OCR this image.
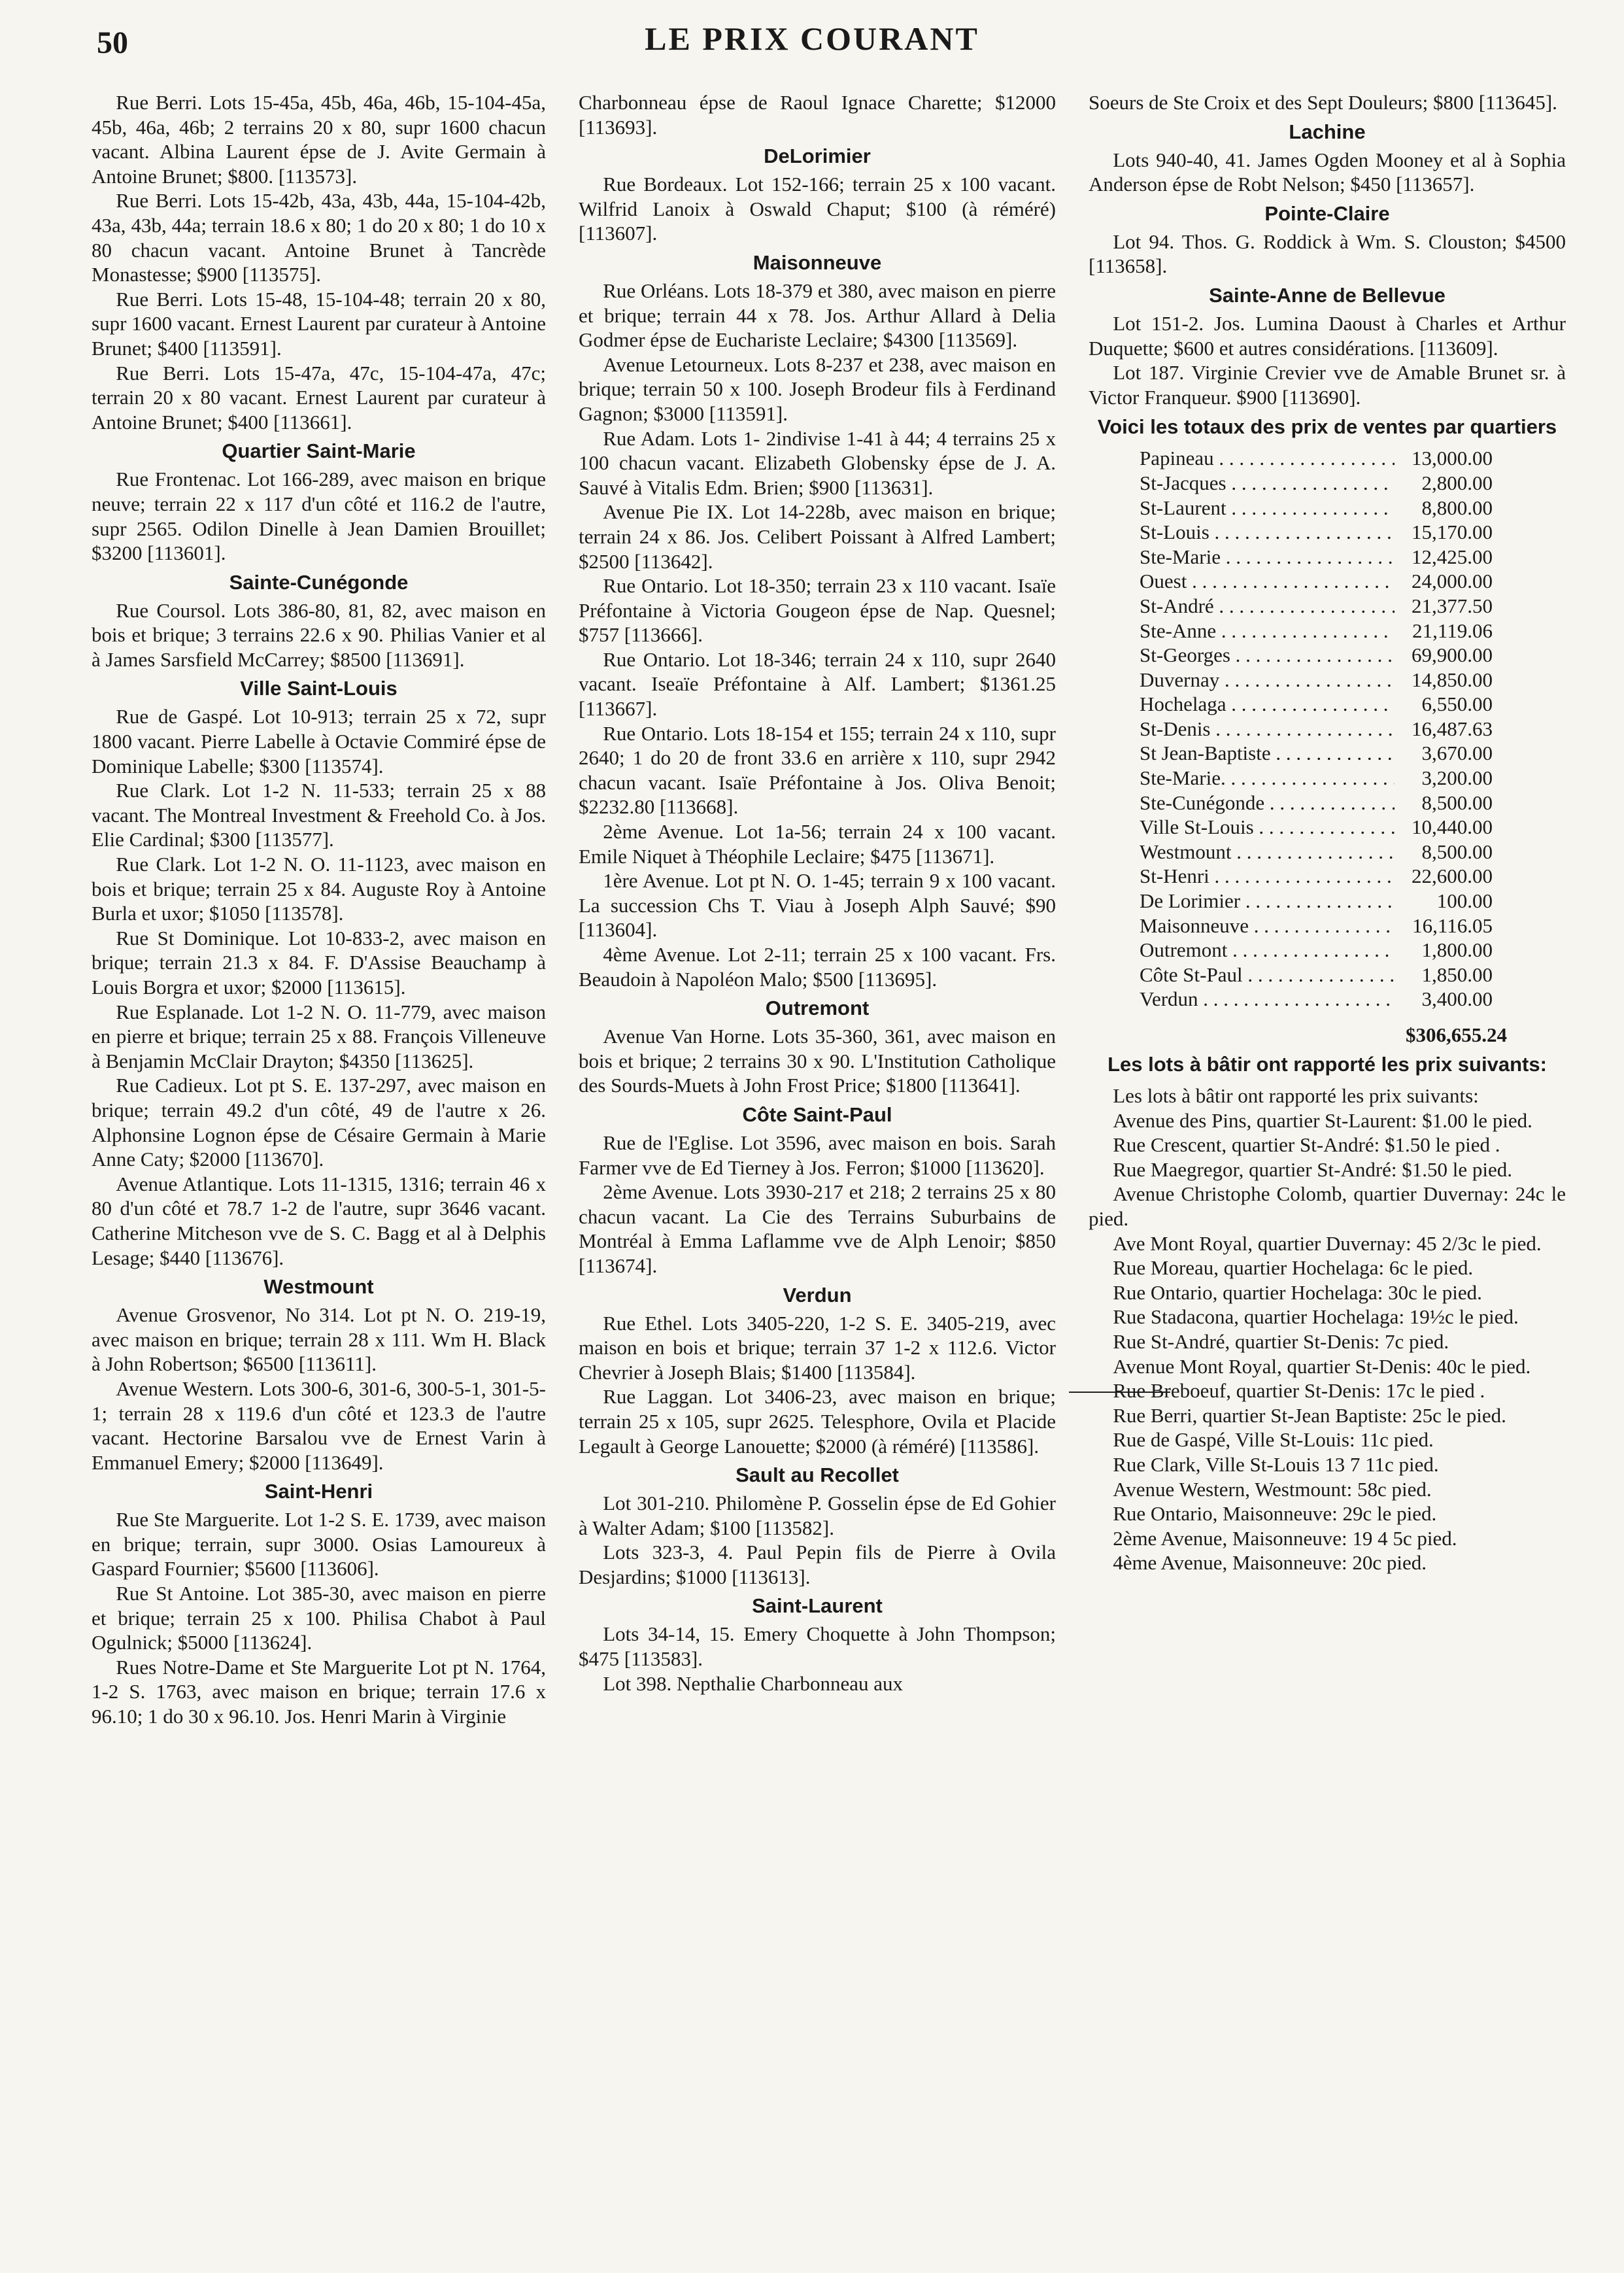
50	LE PRIX COURANT

Rue Berri. Lots 15-45a, 45b, 46a, 46b, 15-104-45a, 45b, 46a, 46b; 2 terrains 20 x 80, supr 1600 chacun vacant. Albina Laurent épse de J. Avite Germain à Antoine Brunet; $800. [113573].

Rue Berri. Lots 15-42b, 43a, 43b, 44a, 15-104-42b, 43a, 43b, 44a; terrain 18.6 x 80; 1 do 20 x 80; 1 do 10 x 80 chacun vacant. Antoine Brunet à Tancrède Monastesse; $900 [113575].

Rue Berri. Lots 15-48, 15-104-48; terrain 20 x 80, supr 1600 vacant. Ernest Laurent par curateur à Antoine Brunet; $400 [113591].

Rue Berri. Lots 15-47a, 47c, 15-104-47a, 47c; terrain 20 x 80 vacant. Ernest Laurent par curateur à Antoine Brunet; $400 [113661].

Quartier Saint-Marie

Rue Frontenac. Lot 166-289, avec maison en brique neuve; terrain 22 x 117 d'un côté et 116.2 de l'autre, supr 2565. Odilon Dinelle à Jean Damien Brouillet; $3200 [113601].

Sainte-Cunégonde

Rue Coursol. Lots 386-80, 81, 82, avec maison en bois et brique; 3 terrains 22.6 x 90. Philias Vanier et al à James Sarsfield McCarrey; $8500 [113691].

Ville Saint-Louis

Rue de Gaspé. Lot 10-913; terrain 25 x 72, supr 1800 vacant. Pierre Labelle à Octavie Commiré épse de Dominique Labelle; $300 [113574].

Rue Clark. Lot 1-2 N. 11-533; terrain 25 x 88 vacant. The Montreal Investment & Freehold Co. à Jos. Elie Cardinal; $300 [113577].

Rue Clark. Lot 1-2 N. O. 11-1123, avec maison en bois et brique; terrain 25 x 84. Auguste Roy à Antoine Burla et uxor; $1050 [113578].

Rue St Dominique. Lot 10-833-2, avec maison en brique; terrain 21.3 x 84. F. D'Assise Beauchamp à Louis Borgra et uxor; $2000 [113615].

Rue Esplanade. Lot 1-2 N. O. 11-779, avec maison en pierre et brique; terrain 25 x 88. François Villeneuve à Benjamin McClair Drayton; $4350 [113625].

Rue Cadieux. Lot pt S. E. 137-297, avec maison en brique; terrain 49.2 d'un côté, 49 de l'autre x 26. Alphonsine Lognon épse de Césaire Germain à Marie Anne Caty; $2000 [113670].

Avenue Atlantique. Lots 11-1315, 1316; terrain 46 x 80 d'un côté et 78.7 1-2 de l'autre, supr 3646 vacant. Catherine Mitcheson vve de S. C. Bagg et al à Delphis Lesage; $440 [113676].

Westmount

Avenue Grosvenor, No 314. Lot pt N. O. 219-19, avec maison en brique; terrain 28 x 111. Wm H. Black à John Robertson; $6500 [113611].

Avenue Western. Lots 300-6, 301-6, 300-5-1, 301-5-1; terrain 28 x 119.6 d'un côté et 123.3 de l'autre vacant. Hectorine Barsalou vve de Ernest Varin à Emmanuel Emery; $2000 [113649].

Saint-Henri

Rue Ste Marguerite. Lot 1-2 S. E. 1739, avec maison en brique; terrain, supr 3000. Osias Lamoureux à Gaspard Fournier; $5600 [113606].

Rue St Antoine. Lot 385-30, avec maison en pierre et brique; terrain 25 x 100. Philisa Chabot à Paul Ogulnick; $5000 [113624].

Rues Notre-Dame et Ste Marguerite Lot pt N. 1764, 1-2 S. 1763, avec maison en brique; terrain 17.6 x 96.10; 1 do 30 x 96.10. Jos. Henri Marin à Virginie

Charbonneau épse de Raoul Ignace Charette; $12000 [113693].

DeLorimier

Rue Bordeaux. Lot 152-166; terrain 25 x 100 vacant. Wilfrid Lanoix à Oswald Chaput; $100 (à réméré) [113607].

Maisonneuve

Rue Orléans. Lots 18-379 et 380, avec maison en pierre et brique; terrain 44 x 78. Jos. Arthur Allard à Delia Godmer épse de Eucharistе Leclaire; $4300 [113569].

Avenue Letourneux. Lots 8-237 et 238, avec maison en brique; terrain 50 x 100. Joseph Brodeur fils à Ferdinand Gagnon; $3000 [113591].

Rue Adam. Lots 1- 2indivise 1-41 à 44; 4 terrains 25 x 100 chacun vacant. Elizabeth Globensky épse de J. A. Sauvé à Vitalis Edm. Brien; $900 [113631].

Avenue Pie IX. Lot 14-228b, avec maison en brique; terrain 24 x 86. Jos. Celibert Poissant à Alfred Lambert; $2500 [113642].

Rue Ontario. Lot 18-350; terrain 23 x 110 vacant. Isaïe Préfontaine à Victoria Gougeon épse de Nap. Quesnel; $757 [113666].

Rue Ontario. Lot 18-346; terrain 24 x 110, supr 2640 vacant. Iseaïe Préfontaine à Alf. Lambert; $1361.25 [113667].

Rue Ontario. Lots 18-154 et 155; terrain 24 x 110, supr 2640; 1 do 20 de front 33.6 en arrière x 110, supr 2942 chacun vacant. Isaïe Préfontaine à Jos. Oliva Benoit; $2232.80 [113668].

2ème Avenue. Lot 1a-56; terrain 24 x 100 vacant. Emile Niquet à Théophile Leclaire; $475 [113671].

1ère Avenue. Lot pt N. O. 1-45; terrain 9 x 100 vacant. La succession Chs T. Viau à Joseph Alph Sauvé; $90 [113604].

4ème Avenue. Lot 2-11; terrain 25 x 100 vacant. Frs. Beaudoin à Napoléon Malo; $500 [113695].

Outremont

Avenue Van Horne. Lots 35-360, 361, avec maison en bois et brique; 2 terrains 30 x 90. L'Institution Catholique des Sourds-Muets à John Frost Price; $1800 [113641].

Côte Saint-Paul

Rue de l'Eglise. Lot 3596, avec maison en bois. Sarah Farmer vve de Ed Tierney à Jos. Ferron; $1000 [113620].

2ème Avenue. Lots 3930-217 et 218; 2 terrains 25 x 80 chacun vacant. La Cie des Terrains Suburbains de Montréal à Emma Laflamme vve de Alph Lenoir; $850 [113674].

Verdun

Rue Ethel. Lots 3405-220, 1-2 S. E. 3405-219, avec maison en bois et brique; terrain 37 1-2 x 112.6. Victor Chevrier à Joseph Blais; $1400 [113584].

Rue Laggan. Lot 3406-23, avec maison en brique; terrain 25 x 105, supr 2625. Telesphore, Ovila et Placide Legault à George Lanouette; $2000 (à réméré) [113586].

Sault au Recollet

Lot 301-210. Philomène P. Gosselin épse de Ed Gohier à Walter Adam; $100 [113582].

Lots 323-3, 4. Paul Pepin fils de Pierre à Ovila Desjardins; $1000 [113613].

Saint-Laurent

Lots 34-14, 15. Emery Choquette à John Thompson; $475 [113583].

Lot 398. Nepthalie Charbonneau aux

Soeurs de Ste Croix et des Sept Douleurs; $800 [113645].

Lachine

Lots 940-40, 41. James Ogden Mooney et al à Sophia Anderson épse de Robt Nelson; $450 [113657].

Pointe-Claire

Lot 94. Thos. G. Roddick à Wm. S. Clouston; $4500 [113658].

Sainte-Anne de Bellevue

Lot 151-2. Jos. Lumina Daoust à Charles et Arthur Duquette; $600 et autres considérations. [113609].

Lot 187. Virginie Crevier vve de Amable Brunet sr. à Victor Franqueur. $900 [113690].

Voici les totaux des prix de ventes par quartiers
Papineau . . .	13,000.00
St-Jacques . . .	2,800.00
St-Laurent . . .	8,800.00
St-Louis . . .	15,170.00
Ste-Marie . . .	12,425.00
Ouest . . .	24,000.00
St-André . . .	21,377.50
Ste-Anne . . .	21,119.06
St-Georges . . .	69,900.00
Duvernay . . .	14,850.00
Hochelaga . . .	6,550.00
St-Denis . . .	16,487.63
St Jean-Baptiste . . .	3,670.00
Ste-Marie. . . .	3,200.00
Ste-Cunégonde . . .	8,500.00
Ville St-Louis . . .	10,440.00
Westmount . . .	8,500.00
St-Henri . . .	22,600.00
De Lorimier . . .	100.00
Maisonneuve . . .	16,116.05
Outremont . . .	1,800.00
Côte St-Paul . . .	1,850.00
Verdun . . .	3,400.00
$306,655.24
Les lots à bâtir ont rapporté les prix suivants:

Les lots à bâtir ont rapporté les prix suivants:

Avenue des Pins, quartier St-Laurent: $1.00 le pied.

Rue Crescent, quartier St-André: $1.50 le pied .

Rue Maegregor, quartier St-André: $1.50 le pied.

Avenue Christophe Colomb, quartier Duvernay: 24c le pied.

Ave Mont Royal, quartier Duvernay: 45 2/3c le pied.

Rue Moreau, quartier Hochelaga: 6c le pied.

Rue Ontario, quartier Hochelaga: 30c le pied.

Rue Stadacona, quartier Hochelaga: 19½c le pied.

Rue St-André, quartier St-Denis: 7c pied.

Avenue Mont Royal, quartier St-Denis: 40c le pied.

Rue Breboeuf, quartier St-Denis: 17c le pied .

Rue Berri, quartier St-Jean Baptiste: 25c le pied.

Rue de Gaspé, Ville St-Louis: 11c pied.

Rue Clark, Ville St-Louis 13 7 11c pied.

Avenue Western, Westmount: 58c pied.

Rue Ontario, Maisonneuve: 29c le pied.

2ème Avenue, Maisonneuve: 19 4 5c pied.

4ème Avenue, Maisonneuve: 20c pied.
